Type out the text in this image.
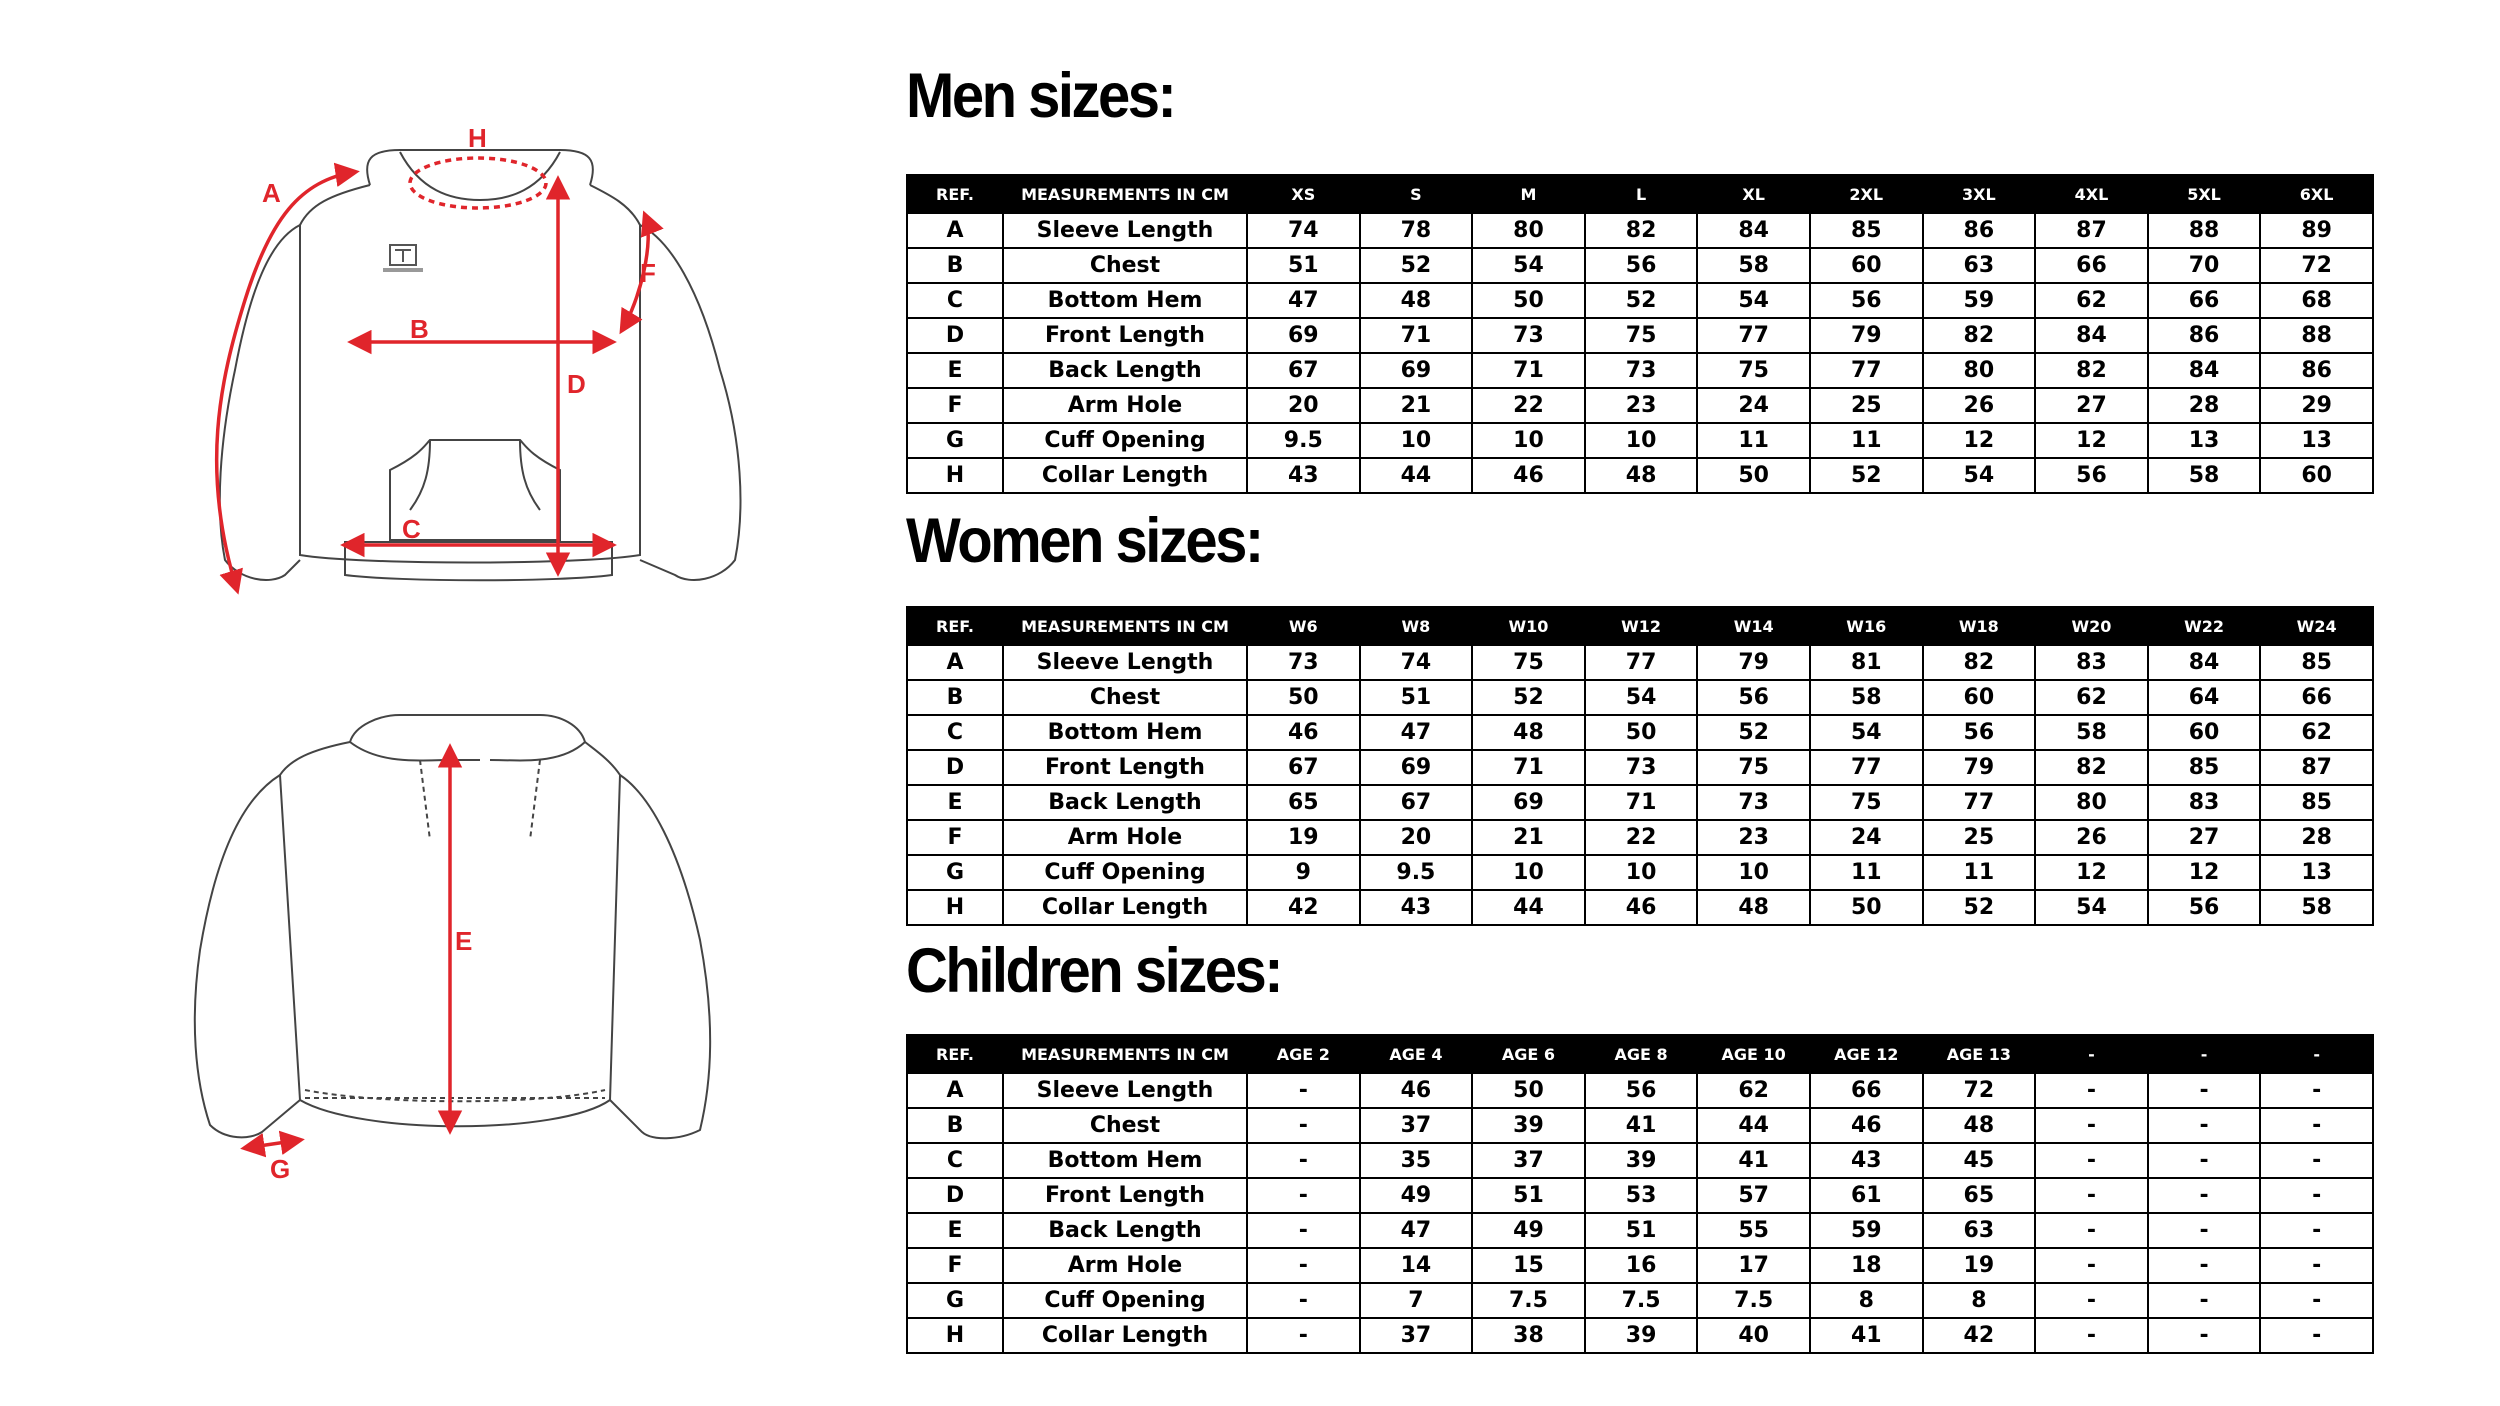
A
H
F
B
D
C
E
G
Men sizes:
REF.	MEASUREMENTS IN CM	XS	S	M	L	XL	2XL	3XL	4XL	5XL	6XL
A	Sleeve Length	74	78	80	82	84	85	86	87	88	89
B	Chest	51	52	54	56	58	60	63	66	70	72
C	Bottom Hem	47	48	50	52	54	56	59	62	66	68
D	Front Length	69	71	73	75	77	79	82	84	86	88
E	Back Length	67	69	71	73	75	77	80	82	84	86
F	Arm Hole	20	21	22	23	24	25	26	27	28	29
G	Cuff Opening	9.5	10	10	10	11	11	12	12	13	13
H	Collar Length	43	44	46	48	50	52	54	56	58	60
Women sizes:
REF.	MEASUREMENTS IN CM	W6	W8	W10	W12	W14	W16	W18	W20	W22	W24
A	Sleeve Length	73	74	75	77	79	81	82	83	84	85
B	Chest	50	51	52	54	56	58	60	62	64	66
C	Bottom Hem	46	47	48	50	52	54	56	58	60	62
D	Front Length	67	69	71	73	75	77	79	82	85	87
E	Back Length	65	67	69	71	73	75	77	80	83	85
F	Arm Hole	19	20	21	22	23	24	25	26	27	28
G	Cuff Opening	9	9.5	10	10	10	11	11	12	12	13
H	Collar Length	42	43	44	46	48	50	52	54	56	58
Children sizes:
REF.	MEASUREMENTS IN CM	AGE 2	AGE 4	AGE 6	AGE 8	AGE 10	AGE 12	AGE 13	-	-	-
A	Sleeve Length	-	46	50	56	62	66	72	-	-	-
B	Chest	-	37	39	41	44	46	48	-	-	-
C	Bottom Hem	-	35	37	39	41	43	45	-	-	-
D	Front Length	-	49	51	53	57	61	65	-	-	-
E	Back Length	-	47	49	51	55	59	63	-	-	-
F	Arm Hole	-	14	15	16	17	18	19	-	-	-
G	Cuff Opening	-	7	7.5	7.5	7.5	8	8	-	-	-
H	Collar Length	-	37	38	39	40	41	42	-	-	-
